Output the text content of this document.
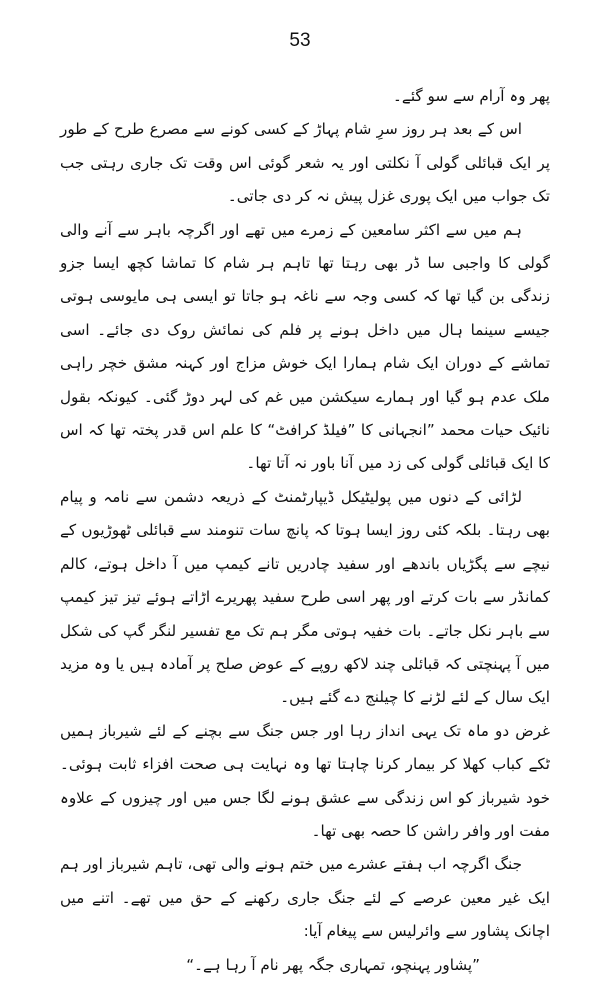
53

پھر وہ آرام سے سو گئے۔

اس کے بعد ہر روز سرِ شام پہاڑ کے کسی کونے سے مصرع طرح کے طور پر ایک قبائلی گولی آ نکلتی اور یہ شعر گوئی اس وقت تک جاری رہتی جب تک جواب میں ایک پوری غزل پیش نہ کر دی جاتی۔

ہم میں سے اکثر سامعین کے زمرے میں تھے اور اگرچہ باہر سے آنے والی گولی کا واجبی سا ڈر بھی رہتا تھا تاہم ہر شام کا تماشا کچھ ایسا جزو زندگی بن گیا تھا کہ کسی وجہ سے ناغہ ہو جاتا تو ایسی ہی مایوسی ہوتی جیسے سینما ہال میں داخل ہونے پر فلم کی نمائش روک دی جائے۔ اسی تماشے کے دوران ایک شام ہمارا ایک خوش مزاج اور کہنہ مشق خچر راہی ملک عدم ہو گیا اور ہمارے سیکشن میں غم کی لہر دوڑ گئی۔ کیونکہ بقول نائیک حیات محمد ”انجہانی کا ”فیلڈ کرافٹ“ کا علم اس قدر پختہ تھا کہ اس کا ایک قبائلی گولی کی زد میں آنا باور نہ آتا تھا۔

لڑائی کے دنوں میں پولیٹیکل ڈیپارٹمنٹ کے ذریعہ دشمن سے نامہ و پیام بھی رہتا۔ بلکہ کئی روز ایسا ہوتا کہ پانچ سات تنومند سے قبائلی ٹھوڑیوں کے نیچے سے پگڑیاں باندھے اور سفید چادریں تانے کیمپ میں آ داخل ہوتے، کالم کمانڈر سے بات کرتے اور پھر اسی طرح سفید پھریرے اڑاتے ہوئے تیز تیز کیمپ سے باہر نکل جاتے۔ بات خفیہ ہوتی مگر ہم تک مع تفسیر لنگر گپ کی شکل میں آ پہنچتی کہ قبائلی چند لاکھ روپے کے عوض صلح پر آمادہ ہیں یا وہ مزید ایک سال کے لئے لڑنے کا چیلنج دے گئے ہیں۔

غرض دو ماہ تک یہی انداز رہا اور جس جنگ سے بچنے کے لئے شیرباز ہمیں ٹکے کباب کھلا کر بیمار کرنا چاہتا تھا وہ نہایت ہی صحت افزاء ثابت ہوئی۔ خود شیرباز کو اس زندگی سے عشق ہونے لگا جس میں اور چیزوں کے علاوہ مفت اور وافر راشن کا حصہ بھی تھا۔

جنگ اگرچہ اب ہفتے عشرے میں ختم ہونے والی تھی، تاہم شیرباز اور ہم ایک غیر معین عرصے کے لئے جنگ جاری رکھنے کے حق میں تھے۔ اتنے میں اچانک پشاور سے وائرلیس سے پیغام آیا:

”پشاور پہنچو، تمہاری جگہ پھر نام آ رہا ہے۔“
